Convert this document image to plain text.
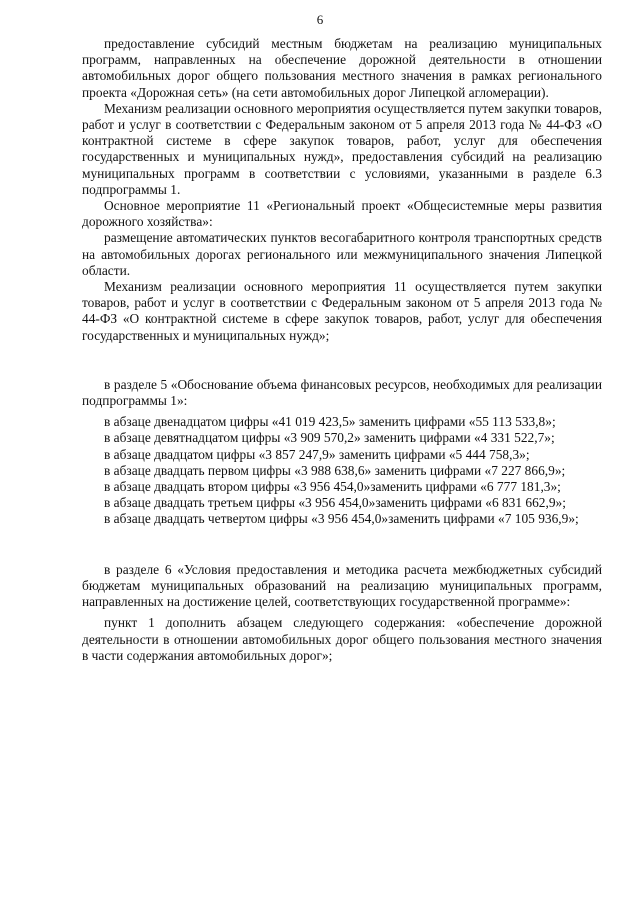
6

предоставление субсидий местным бюджетам на реализацию муниципальных программ, направленных на обеспечение дорожной деятельности в отношении автомобильных дорог общего пользования местного значения в рамках регионального проекта «Дорожная сеть» (на сети автомобильных дорог Липецкой агломерации).

Механизм реализации основного мероприятия осуществляется путем закупки товаров, работ и услуг в соответствии с Федеральным законом от 5 апреля 2013 года № 44-ФЗ «О контрактной системе в сфере закупок товаров, работ, услуг для обеспечения государственных и муниципальных нужд», предоставления субсидий на реализацию муниципальных программ в соответствии с условиями, указанными в разделе 6.3 подпрограммы 1.

Основное мероприятие 11 «Региональный проект «Общесистемные меры развития дорожного хозяйства»:

размещение автоматических пунктов весогабаритного контроля транспортных средств на автомобильных дорогах регионального или межмуниципального значения Липецкой области.

Механизм реализации основного мероприятия 11 осуществляется путем закупки товаров, работ и услуг в соответствии с Федеральным законом от 5 апреля 2013 года № 44-ФЗ «О контрактной системе в сфере закупок товаров, работ, услуг для обеспечения государственных и муниципальных нужд»;

в разделе 5 «Обоснование объема финансовых ресурсов, необходимых для реализации подпрограммы 1»:

в абзаце двенадцатом цифры «41 019 423,5» заменить цифрами «55 113 533,8»;

в абзаце девятнадцатом цифры «3 909 570,2» заменить цифрами «4 331 522,7»;

в абзаце двадцатом цифры «3 857 247,9» заменить цифрами «5 444 758,3»;

в абзаце двадцать первом цифры «3 988 638,6» заменить цифрами «7 227 866,9»;

в абзаце двадцать втором цифры «3 956 454,0»заменить цифрами «6 777 181,3»;

в абзаце двадцать третьем цифры «3 956 454,0»заменить цифрами «6 831 662,9»;

в абзаце двадцать четвертом цифры «3 956 454,0»заменить цифрами «7 105 936,9»;

в разделе 6 «Условия предоставления и методика расчета межбюджетных субсидий бюджетам муниципальных образований на реализацию муниципальных программ, направленных на достижение целей, соответствующих государственной программе»:

пункт 1 дополнить абзацем следующего содержания: «обеспечение дорожной деятельности в отношении автомобильных дорог общего пользования местного значения в части содержания автомобильных дорог»;
